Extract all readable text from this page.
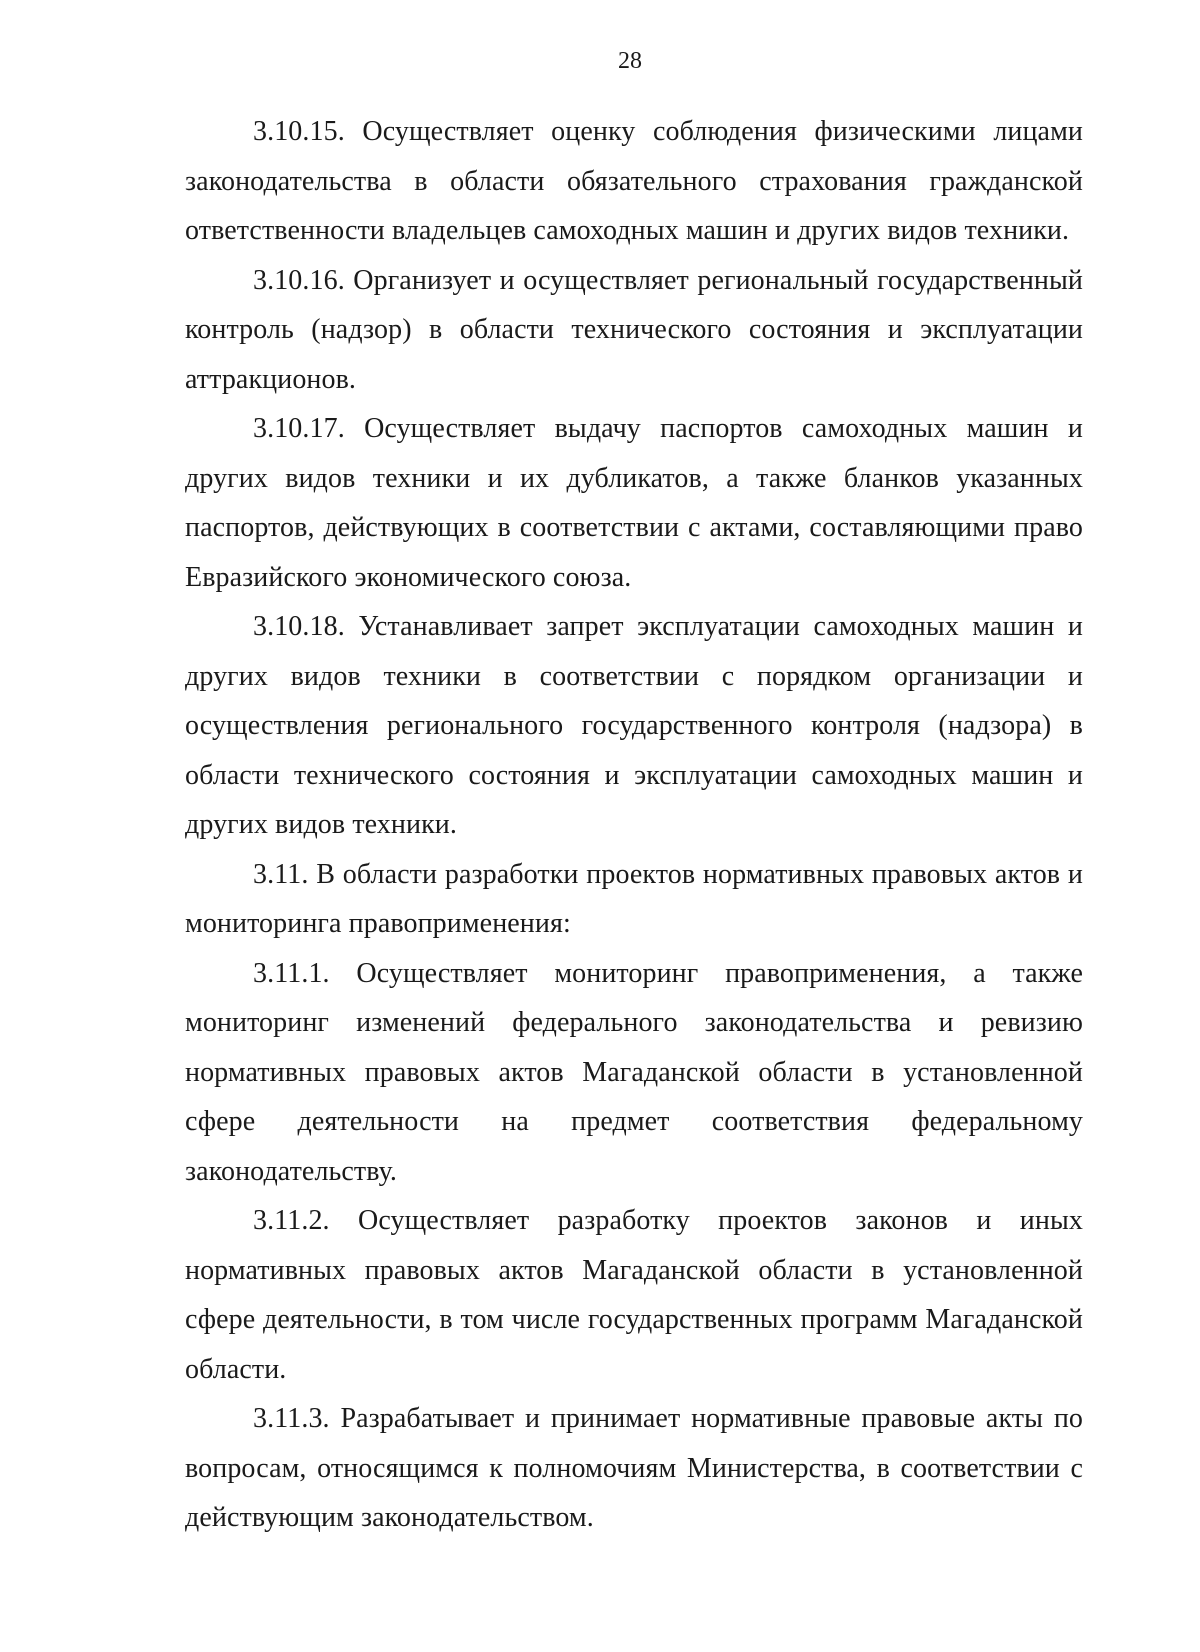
28

3.10.15. Осуществляет оценку соблюдения физическими лицами законодательства в области обязательного страхования гражданской ответственности владельцев самоходных машин и других видов техники.

3.10.16. Организует и осуществляет региональный государственный контроль (надзор) в области технического состояния и эксплуатации аттракционов.

3.10.17. Осуществляет выдачу паспортов самоходных машин и других видов техники и их дубликатов, а также бланков указанных паспортов, действующих в соответствии с актами, составляющими право Евразийского экономического союза.

3.10.18. Устанавливает запрет эксплуатации самоходных машин и других видов техники в соответствии с порядком организации и осуществления регионального государственного контроля (надзора) в области технического состояния и эксплуатации самоходных машин и других видов техники.

3.11. В области разработки проектов нормативных правовых актов и мониторинга правоприменения:

3.11.1. Осуществляет мониторинг правоприменения, а также мониторинг изменений федерального законодательства и ревизию нормативных правовых актов Магаданской области в установленной сфере деятельности на предмет соответствия федеральному законодательству.

3.11.2. Осуществляет разработку проектов законов и иных нормативных правовых актов Магаданской области в установленной сфере деятельности, в том числе государственных программ Магаданской области.

3.11.3. Разрабатывает и принимает нормативные правовые акты по вопросам, относящимся к полномочиям Министерства, в соответствии с действующим законодательством.
